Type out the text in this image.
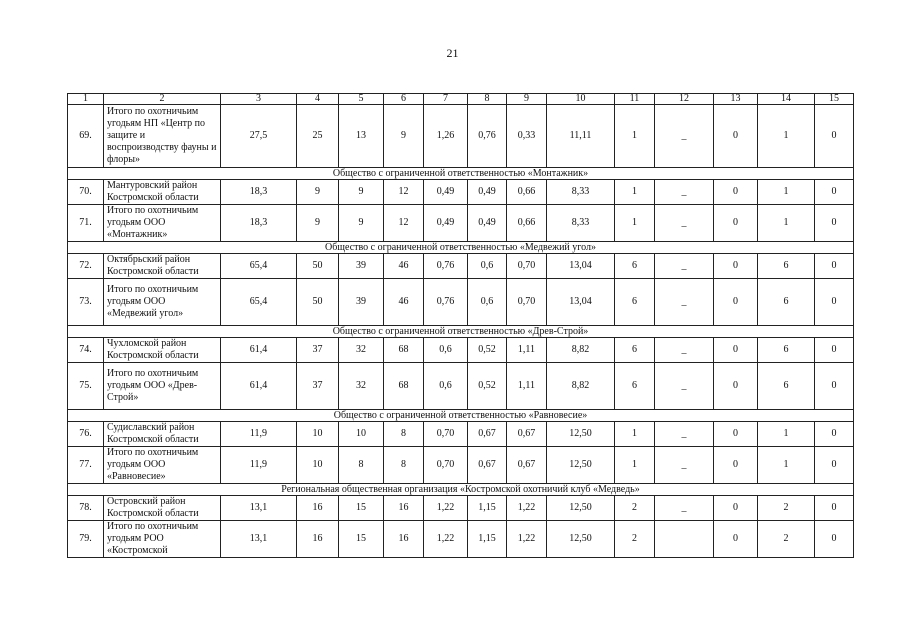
21
1	2	3	4	5	6	7	8	9	10	11	12	13	14	15
69.	Итого по охотничьим угодьям НП «Центр по защите и воспроизводству фауны и флоры»	27,5	25	13	9	1,26	0,76	0,33	11,11	1	_	0	1	0
Общество с ограниченной ответственностью «Монтажник»														
70.	Мантуровский район Костромской области	18,3	9	9	12	0,49	0,49	0,66	8,33	1	_	0	1	0
71.	Итого по охотничьим угодьям ООО «Монтажник»	18,3	9	9	12	0,49	0,49	0,66	8,33	1	_	0	1	0
Общество с ограниченной ответственностью «Медвежий угол»														
72.	Октябрьский район Костромской области	65,4	50	39	46	0,76	0,6	0,70	13,04	6	_	0	6	0
73.	Итого по охотничьим угодьям ООО «Медвежий угол»	65,4	50	39	46	0,76	0,6	0,70	13,04	6	_	0	6	0
Общество с ограниченной ответственностью «Древ-Строй»														
74.	Чухломской район Костромской области	61,4	37	32	68	0,6	0,52	1,11	8,82	6	_	0	6	0
75.	Итого по охотничьим угодьям ООО «Древ-Строй»	61,4	37	32	68	0,6	0,52	1,11	8,82	6	_	0	6	0
Общество с ограниченной ответственностью «Равновесие»														
76.	Судиславский район Костромской области	11,9	10	10	8	0,70	0,67	0,67	12,50	1	_	0	1	0
77.	Итого по охотничьим угодьям ООО «Равновесие»	11,9	10	8	8	0,70	0,67	0,67	12,50	1	_	0	1	0
Региональная общественная организация «Костромской охотничий клуб «Медведь»														
78.	Островский район Костромской области	13,1	16	15	16	1,22	1,15	1,22	12,50	2	_	0	2	0
79.	Итого по охотничьим угодьям РОО «Костромской	13,1	16	15	16	1,22	1,15	1,22	12,50	2		0	2	0
